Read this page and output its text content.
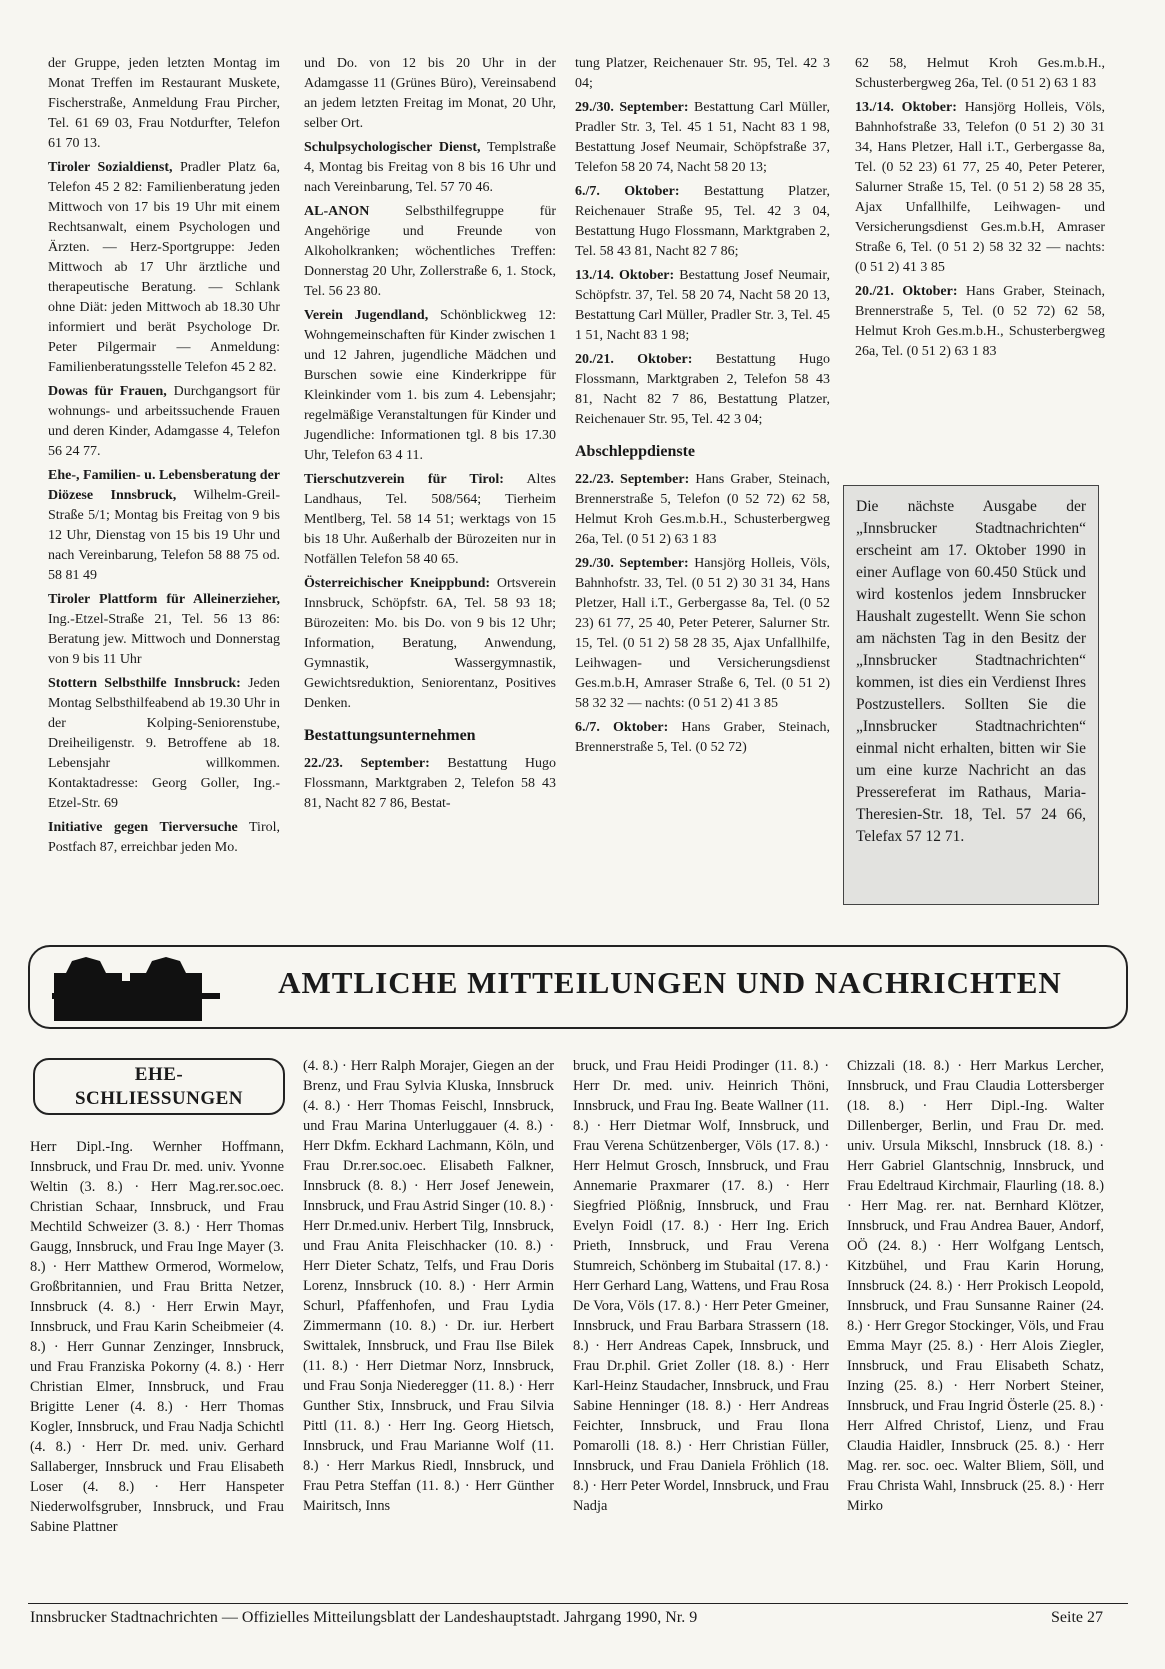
der Gruppe, jeden letzten Montag im Monat Treffen im Restaurant Muskete, Fischerstraße, Anmeldung Frau Pircher, Tel. 61 69 03, Frau Notdurfter, Telefon 61 70 13.

Tiroler Sozialdienst, Pradler Platz 6a, Telefon 45 2 82: Familienberatung jeden Mittwoch von 17 bis 19 Uhr mit einem Rechtsanwalt, einem Psychologen und Ärzten. — Herz-Sportgruppe: Jeden Mittwoch ab 17 Uhr ärztliche und therapeutische Beratung. — Schlank ohne Diät: jeden Mittwoch ab 18.30 Uhr informiert und berät Psychologe Dr. Peter Pilgermair — Anmeldung: Familienberatungsstelle Telefon 45 2 82.

Dowas für Frauen, Durchgangsort für wohnungs- und arbeitssuchende Frauen und deren Kinder, Adamgasse 4, Telefon 56 24 77.

Ehe-, Familien- u. Lebensberatung der Diözese Innsbruck, Wilhelm-Greil-Straße 5/1; Montag bis Freitag von 9 bis 12 Uhr, Dienstag von 15 bis 19 Uhr und nach Vereinbarung, Telefon 58 88 75 od. 58 81 49

Tiroler Plattform für Alleinerzieher, Ing.-Etzel-Straße 21, Tel. 56 13 86: Beratung jew. Mittwoch und Donnerstag von 9 bis 11 Uhr

Stottern Selbsthilfe Innsbruck: Jeden Montag Selbsthilfeabend ab 19.30 Uhr in der Kolping-Seniorenstube, Dreiheiligenstr. 9. Betroffene ab 18. Lebensjahr willkommen. Kontaktadresse: Georg Goller, Ing.-Etzel-Str. 69

Initiative gegen Tierversuche Tirol, Postfach 87, erreichbar jeden Mo.

und Do. von 12 bis 20 Uhr in der Adamgasse 11 (Grünes Büro), Vereinsabend an jedem letzten Freitag im Monat, 20 Uhr, selber Ort.

Schulpsychologischer Dienst, Templstraße 4, Montag bis Freitag von 8 bis 16 Uhr und nach Vereinbarung, Tel. 57 70 46.

AL-ANON Selbsthilfegruppe für Angehörige und Freunde von Alkoholkranken; wöchentliches Treffen: Donnerstag 20 Uhr, Zollerstraße 6, 1. Stock, Tel. 56 23 80.

Verein Jugendland, Schönblickweg 12: Wohngemeinschaften für Kinder zwischen 1 und 12 Jahren, jugendliche Mädchen und Burschen sowie eine Kinderkrippe für Kleinkinder vom 1. bis zum 4. Lebensjahr; regelmäßige Veranstaltungen für Kinder und Jugendliche: Informationen tgl. 8 bis 17.30 Uhr, Telefon 63 4 11.

Tierschutzverein für Tirol: Altes Landhaus, Tel. 508/564; Tierheim Mentlberg, Tel. 58 14 51; werktags von 15 bis 18 Uhr. Außerhalb der Bürozeiten nur in Notfällen Telefon 58 40 65.

Österreichischer Kneippbund: Ortsverein Innsbruck, Schöpfstr. 6A, Tel. 58 93 18; Bürozeiten: Mo. bis Do. von 9 bis 12 Uhr; Information, Beratung, Anwendung, Gymnastik, Wassergymnastik, Gewichtsreduktion, Seniorentanz, Positives Denken.

Bestattungsunternehmen

22./23. September: Bestattung Hugo Flossmann, Marktgraben 2, Telefon 58 43 81, Nacht 82 7 86, Bestat-

tung Platzer, Reichenauer Str. 95, Tel. 42 3 04;

29./30. September: Bestattung Carl Müller, Pradler Str. 3, Tel. 45 1 51, Nacht 83 1 98, Bestattung Josef Neumair, Schöpfstraße 37, Telefon 58 20 74, Nacht 58 20 13;

6./7. Oktober: Bestattung Platzer, Reichenauer Straße 95, Tel. 42 3 04, Bestattung Hugo Flossmann, Marktgraben 2, Tel. 58 43 81, Nacht 82 7 86;

13./14. Oktober: Bestattung Josef Neumair, Schöpfstr. 37, Tel. 58 20 74, Nacht 58 20 13, Bestattung Carl Müller, Pradler Str. 3, Tel. 45 1 51, Nacht 83 1 98;

20./21. Oktober: Bestattung Hugo Flossmann, Marktgraben 2, Telefon 58 43 81, Nacht 82 7 86, Bestattung Platzer, Reichenauer Str. 95, Tel. 42 3 04;

Abschleppdienste

22./23. September: Hans Graber, Steinach, Brennerstraße 5, Telefon (0 52 72) 62 58, Helmut Kroh Ges.m.b.H., Schusterbergweg 26a, Tel. (0 51 2) 63 1 83

29./30. September: Hansjörg Holleis, Völs, Bahnhofstr. 33, Tel. (0 51 2) 30 31 34, Hans Pletzer, Hall i.T., Gerbergasse 8a, Tel. (0 52 23) 61 77, 25 40, Peter Peterer, Salurner Str. 15, Tel. (0 51 2) 58 28 35, Ajax Unfallhilfe, Leihwagen- und Versicherungsdienst Ges.m.b.H, Amraser Straße 6, Tel. (0 51 2) 58 32 32 — nachts: (0 51 2) 41 3 85

6./7. Oktober: Hans Graber, Steinach, Brennerstraße 5, Tel. (0 52 72)

62 58, Helmut Kroh Ges.m.b.H., Schusterbergweg 26a, Tel. (0 51 2) 63 1 83

13./14. Oktober: Hansjörg Holleis, Völs, Bahnhofstraße 33, Telefon (0 51 2) 30 31 34, Hans Pletzer, Hall i.T., Gerbergasse 8a, Tel. (0 52 23) 61 77, 25 40, Peter Peterer, Salurner Straße 15, Tel. (0 51 2) 58 28 35, Ajax Unfallhilfe, Leihwagen- und Versicherungsdienst Ges.m.b.H, Amraser Straße 6, Tel. (0 51 2) 58 32 32 — nachts: (0 51 2) 41 3 85

20./21. Oktober: Hans Graber, Steinach, Brennerstraße 5, Tel. (0 52 72) 62 58, Helmut Kroh Ges.m.b.H., Schusterbergweg 26a, Tel. (0 51 2) 63 1 83

Die nächste Ausgabe der „Innsbrucker Stadtnachrichten“ erscheint am 17. Oktober 1990 in einer Auflage von 60.450 Stück und wird kostenlos jedem Innsbrucker Haushalt zugestellt. Wenn Sie schon am nächsten Tag in den Besitz der „Innsbrucker Stadtnachrichten“ kommen, ist dies ein Verdienst Ihres Postzustellers. Sollten Sie die „Innsbrucker Stadtnachrichten“ einmal nicht erhalten, bitten wir Sie um eine kurze Nachricht an das Pressereferat im Rathaus, Maria-Theresien-Str. 18, Tel. 57 24 66, Telefax 57 12 71.
AMTLICHE MITTEILUNGEN UND NACHRICHTEN
EHE-
SCHLIESSUNGEN
Herr Dipl.-Ing. Wernher Hoffmann, Innsbruck, und Frau Dr. med. univ. Yvonne Weltin (3. 8.) · Herr Mag.rer.soc.oec. Christian Schaar, Innsbruck, und Frau Mechtild Schweizer (3. 8.) · Herr Thomas Gaugg, Innsbruck, und Frau Inge Mayer (3. 8.) · Herr Matthew Ormerod, Wormelow, Großbritannien, und Frau Britta Netzer, Innsbruck (4. 8.) · Herr Erwin Mayr, Innsbruck, und Frau Karin Scheibmeier (4. 8.) · Herr Gunnar Zenzinger, Innsbruck, und Frau Franziska Pokorny (4. 8.) · Herr Christian Elmer, Innsbruck, und Frau Brigitte Lener (4. 8.) · Herr Thomas Kogler, Innsbruck, und Frau Nadja Schichtl (4. 8.) · Herr Dr. med. univ. Gerhard Sallaberger, Innsbruck und Frau Elisabeth Loser (4. 8.) · Herr Hanspeter Niederwolfsgruber, Innsbruck, und Frau Sabine Plattner
(4. 8.) · Herr Ralph Morajer, Giegen an der Brenz, und Frau Sylvia Kluska, Innsbruck (4. 8.) · Herr Thomas Feischl, Innsbruck, und Frau Marina Unterluggauer (4. 8.) · Herr Dkfm. Eckhard Lachmann, Köln, und Frau Dr.rer.soc.oec. Elisabeth Falkner, Innsbruck (8. 8.) · Herr Josef Jenewein, Innsbruck, und Frau Astrid Singer (10. 8.) · Herr Dr.med.univ. Herbert Tilg, Innsbruck, und Frau Anita Fleischhacker (10. 8.) · Herr Dieter Schatz, Telfs, und Frau Doris Lorenz, Innsbruck (10. 8.) · Herr Armin Schurl, Pfaffenhofen, und Frau Lydia Zimmermann (10. 8.) · Dr. iur. Herbert Swittalek, Innsbruck, und Frau Ilse Bilek (11. 8.) · Herr Dietmar Norz, Innsbruck, und Frau Sonja Niederegger (11. 8.) · Herr Gunther Stix, Innsbruck, und Frau Silvia Pittl (11. 8.) · Herr Ing. Georg Hietsch, Innsbruck, und Frau Marianne Wolf (11. 8.) · Herr Markus Riedl, Innsbruck, und Frau Petra Steffan (11. 8.) · Herr Günther Mairitsch, Inns
bruck, und Frau Heidi Prodinger (11. 8.) · Herr Dr. med. univ. Heinrich Thöni, Innsbruck, und Frau Ing. Beate Wallner (11. 8.) · Herr Dietmar Wolf, Innsbruck, und Frau Verena Schützenberger, Völs (17. 8.) · Herr Helmut Grosch, Innsbruck, und Frau Annemarie Praxmarer (17. 8.) · Herr Siegfried Plößnig, Innsbruck, und Frau Evelyn Foidl (17. 8.) · Herr Ing. Erich Prieth, Innsbruck, und Frau Verena Stumreich, Schönberg im Stubaital (17. 8.) · Herr Gerhard Lang, Wattens, und Frau Rosa De Vora, Völs (17. 8.) · Herr Peter Gmeiner, Innsbruck, und Frau Barbara Strassern (18. 8.) · Herr Andreas Capek, Innsbruck, und Frau Dr.phil. Griet Zoller (18. 8.) · Herr Karl-Heinz Staudacher, Innsbruck, und Frau Sabine Henninger (18. 8.) · Herr Andreas Feichter, Innsbruck, und Frau Ilona Pomarolli (18. 8.) · Herr Christian Füller, Innsbruck, und Frau Daniela Fröhlich (18. 8.) · Herr Peter Wordel, Innsbruck, und Frau Nadja
Chizzali (18. 8.) · Herr Markus Lercher, Innsbruck, und Frau Claudia Lottersberger (18. 8.) · Herr Dipl.-Ing. Walter Dillenberger, Berlin, und Frau Dr. med. univ. Ursula Mikschl, Innsbruck (18. 8.) · Herr Gabriel Glantschnig, Innsbruck, und Frau Edeltraud Kirchmair, Flaurling (18. 8.) · Herr Mag. rer. nat. Bernhard Klötzer, Innsbruck, und Frau Andrea Bauer, Andorf, OÖ (24. 8.) · Herr Wolfgang Lentsch, Kitzbühel, und Frau Karin Horung, Innsbruck (24. 8.) · Herr Prokisch Leopold, Innsbruck, und Frau Sunsanne Rainer (24. 8.) · Herr Gregor Stockinger, Völs, und Frau Emma Mayr (25. 8.) · Herr Alois Ziegler, Innsbruck, und Frau Elisabeth Schatz, Inzing (25. 8.) · Herr Norbert Steiner, Innsbruck, und Frau Ingrid Österle (25. 8.) · Herr Alfred Christof, Lienz, und Frau Claudia Haidler, Innsbruck (25. 8.) · Herr Mag. rer. soc. oec. Walter Bliem, Söll, und Frau Christa Wahl, Innsbruck (25. 8.) · Herr Mirko
Innsbrucker Stadtnachrichten — Offizielles Mitteilungsblatt der Landeshauptstadt. Jahrgang 1990, Nr. 9	Seite 27
